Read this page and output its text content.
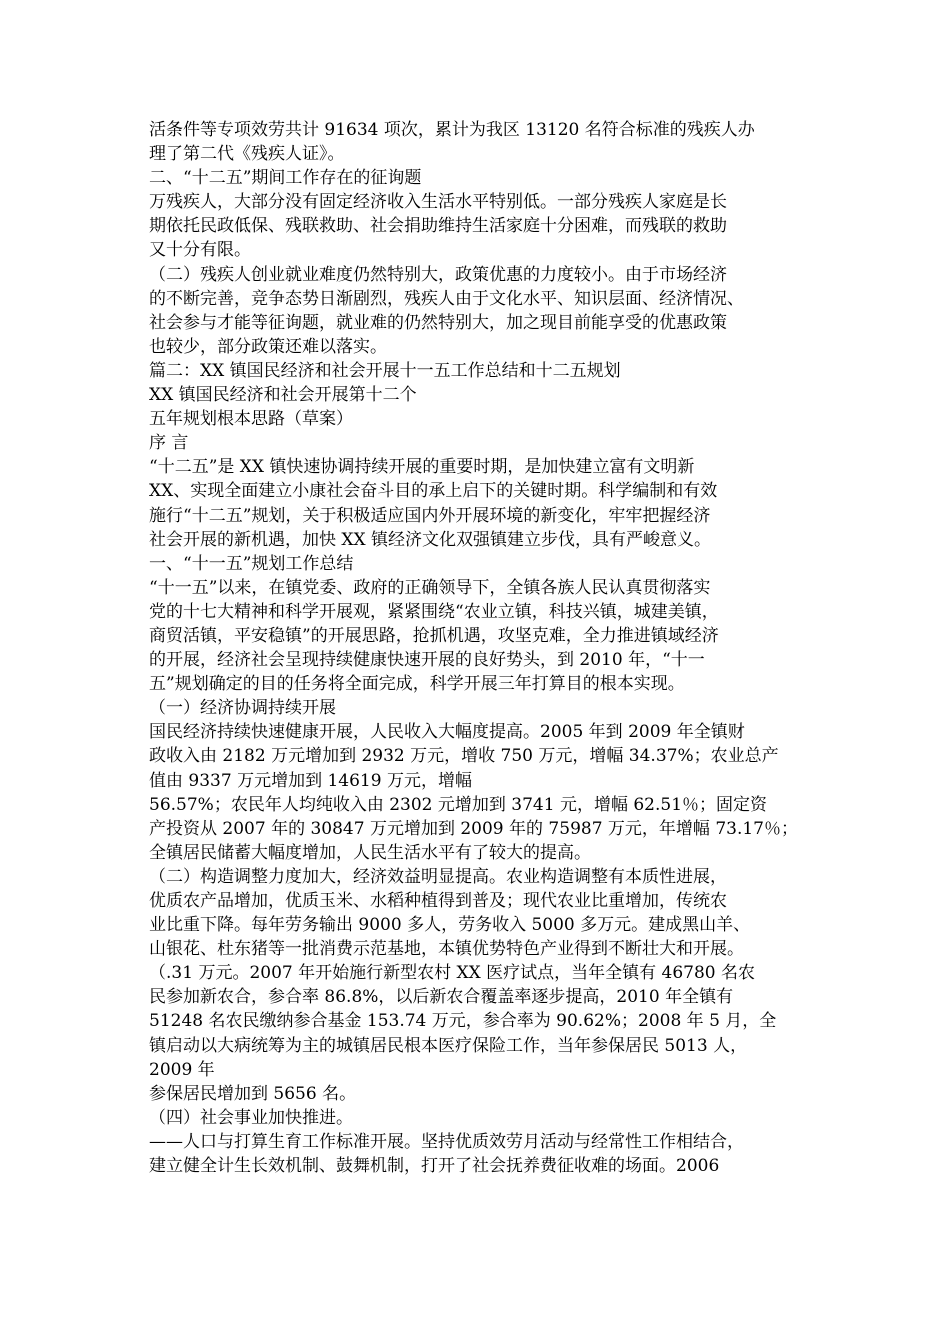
活条件等专项效劳共计 91634 项次，累计为我区 13120 名符合标准的残疾人办
理了第二代《残疾人证》。
二、“十二五”期间工作存在的征询题
万残疾人，大部分没有固定经济收入生活水平特别低。一部分残疾人家庭是长
期依托民政低保、残联救助、社会捐助维持生活家庭十分困难，而残联的救助
又十分有限。
（二）残疾人创业就业难度仍然特别大，政策优惠的力度较小。由于市场经济
的不断完善，竞争态势日渐剧烈，残疾人由于文化水平、知识层面、经济情况、
社会参与才能等征询题，就业难的仍然特别大，加之现目前能享受的优惠政策
也较少，部分政策还难以落实。
篇二：XX 镇国民经济和社会开展十一五工作总结和十二五规划
XX 镇国民经济和社会开展第十二个
五年规划根本思路（草案）
序 言
“十二五”是 XX 镇快速协调持续开展的重要时期，是加快建立富有文明新
XX、实现全面建立小康社会奋斗目的承上启下的关键时期。科学编制和有效
施行“十二五”规划，关于积极适应国内外开展环境的新变化，牢牢把握经济
社会开展的新机遇，加快 XX 镇经济文化双强镇建立步伐，具有严峻意义。
一、“十一五”规划工作总结
“十一五”以来，在镇党委、政府的正确领导下，全镇各族人民认真贯彻落实
党的十七大精神和科学开展观，紧紧围绕“农业立镇，科技兴镇，城建美镇，
商贸活镇，平安稳镇”的开展思路，抢抓机遇，攻坚克难，全力推进镇域经济
的开展，经济社会呈现持续健康快速开展的良好势头，到 2010 年，“十一
五”规划确定的目的任务将全面完成，科学开展三年打算目的根本实现。
（一）经济协调持续开展
国民经济持续快速健康开展，人民收入大幅度提高。2005 年到 2009 年全镇财
政收入由 2182 万元增加到 2932 万元，增收 750 万元，增幅 34.37%；农业总产
值由 9337 万元增加到 14619 万元，增幅
56.57%；农民年人均纯收入由 2302 元增加到 3741 元，增幅 62.51％；固定资
产投资从 2007 年的 30847 万元增加到 2009 年的 75987 万元，年增幅 73.17％；
全镇居民储蓄大幅度增加，人民生活水平有了较大的提高。
（二）构造调整力度加大，经济效益明显提高。农业构造调整有本质性进展，
优质农产品增加，优质玉米、水稻种植得到普及；现代农业比重增加，传统农
业比重下降。每年劳务输出 9000 多人，劳务收入 5000 多万元。建成黑山羊、
山银花、杜东猪等一批消费示范基地，本镇优势特色产业得到不断壮大和开展。
（.31 万元。2007 年开始施行新型农村 XX 医疗试点，当年全镇有 46780 名农
民参加新农合，参合率 86.8%，以后新农合覆盖率逐步提高，2010 年全镇有
51248 名农民缴纳参合基金 153.74 万元，参合率为 90.62%；2008 年 5 月，全
镇启动以大病统筹为主的城镇居民根本医疗保险工作，当年参保居民 5013 人，
2009 年
参保居民增加到 5656 名。
（四）社会事业加快推进。
——人口与打算生育工作标准开展。坚持优质效劳月活动与经常性工作相结合，
建立健全计生长效机制、鼓舞机制，打开了社会抚养费征收难的场面。2006
